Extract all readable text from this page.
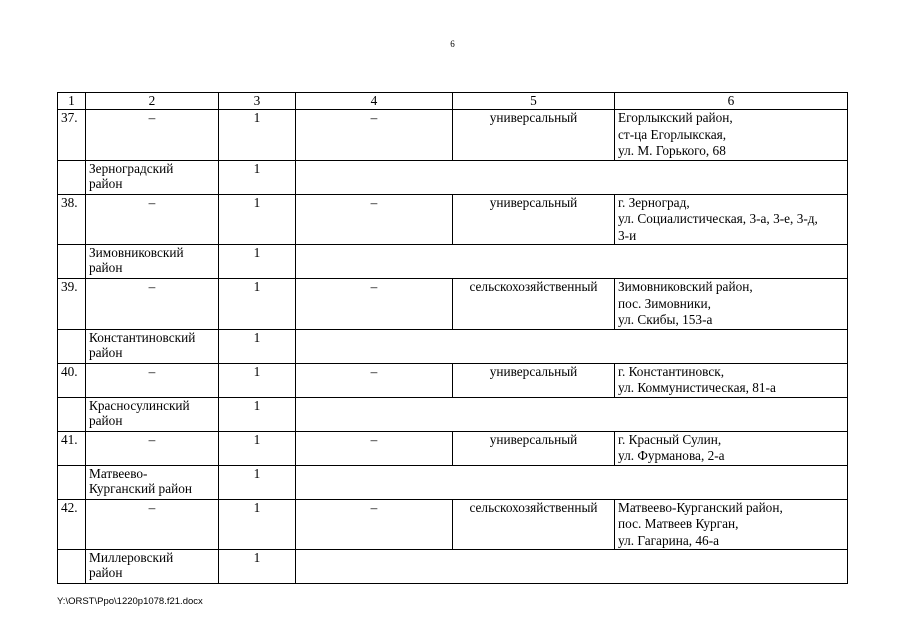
6
1	2	3	4	5	6
37.	–	1	–	универсальный	Егорлыкский район,
ст-ца Егорлыкская,
ул. М. Горького, 68

	Зерноградский
район	1			
38.	–	1	–	универсальный	г. Зерноград,
ул. Социалистическая, 3-а, 3-е, 3-д,
3-и

	Зимовниковский
район	1			
39.	–	1	–	сельскохозяйственный	Зимовниковский район,
пос. Зимовники,
ул. Скибы, 153-а

	Константиновский
район	1			
40.	–	1	–	универсальный	г. Константиновск,
ул. Коммунистическая, 81-а

	Красносулинский
район	1			
41.	–	1	–	универсальный	г. Красный Сулин,
ул. Фурманова, 2-а

	Матвеево-
Курганский район	1			
42.	–	1	–	сельскохозяйственный	Матвеево-Курганский район,
пос. Матвеев Курган,
ул. Гагарина, 46-а

	Миллеровский
район	1			
Y:\ORST\Ppo\1220p1078.f21.docx
